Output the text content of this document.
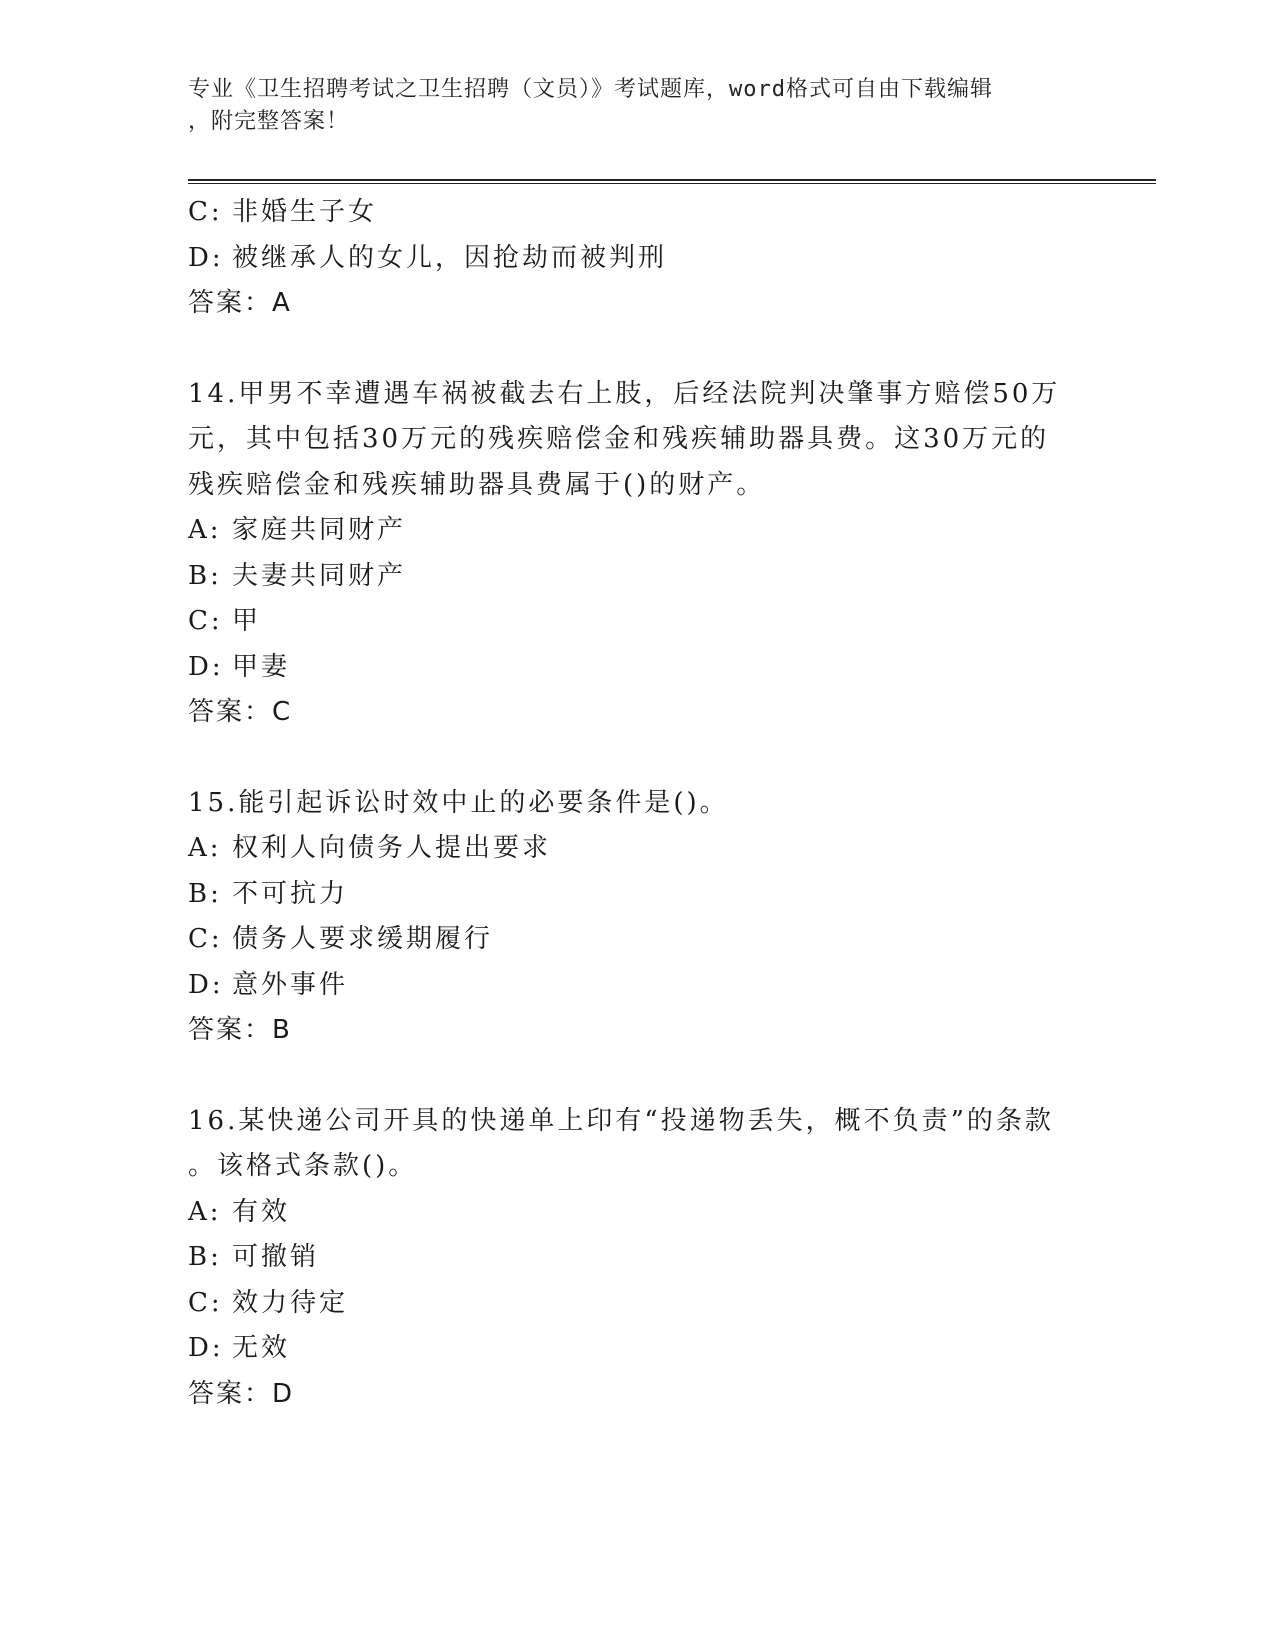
专业《卫生招聘考试之卫生招聘（文员）》考试题库，word格式可自由下载编辑
，附完整答案！
C: 非婚生子女
D: 被继承人的女儿，因抢劫而被判刑
答案：A
14.甲男不幸遭遇车祸被截去右上肢，后经法院判决肇事方赔偿50万
元，其中包括30万元的残疾赔偿金和残疾辅助器具费。这30万元的
残疾赔偿金和残疾辅助器具费属于()的财产。
A: 家庭共同财产
B: 夫妻共同财产
C: 甲
D: 甲妻
答案：C
15.能引起诉讼时效中止的必要条件是()。
A: 权利人向债务人提出要求
B: 不可抗力
C: 债务人要求缓期履行
D: 意外事件
答案：B
16.某快递公司开具的快递单上印有“投递物丢失，概不负责”的条款
。该格式条款()。
A: 有效
B: 可撤销
C: 效力待定
D: 无效
答案：D
